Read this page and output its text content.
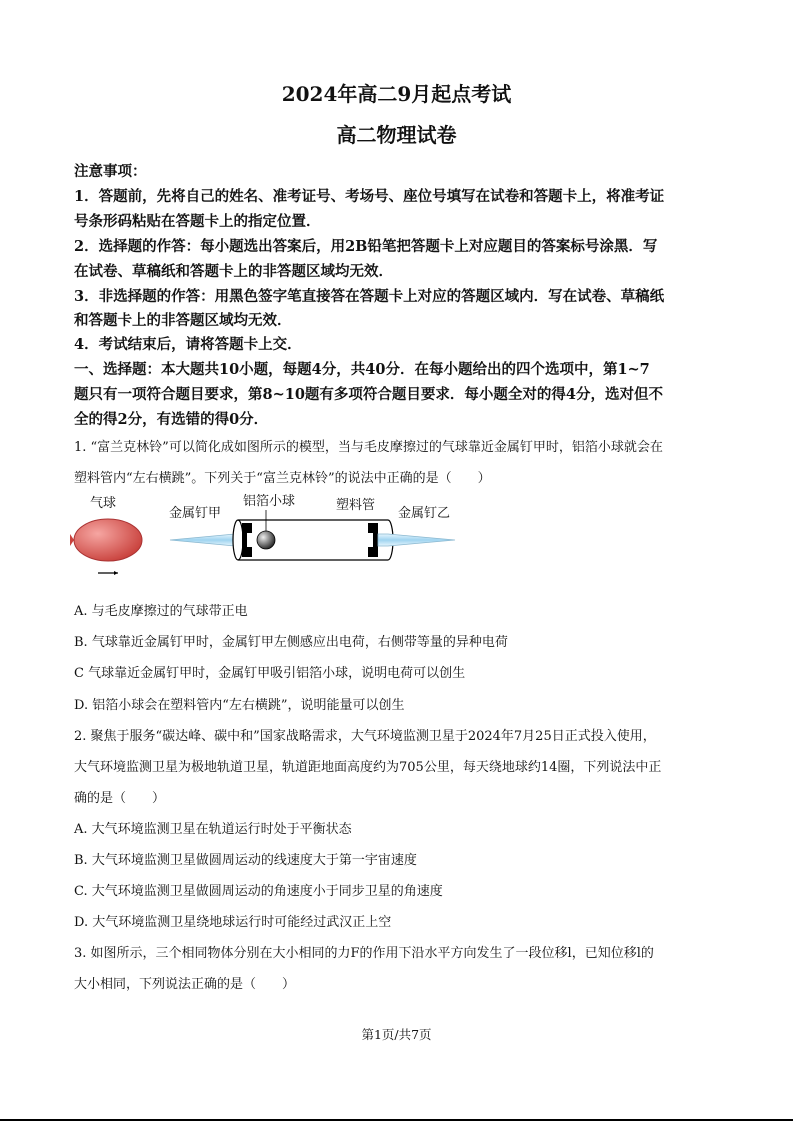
2024年高二9月起点考试
高二物理试卷
注意事项：
1．答题前，先将自己的姓名、准考证号、考场号、座位号填写在试卷和答题卡上，将准考证
号条形码粘贴在答题卡上的指定位置．
2．选择题的作答：每小题选出答案后，用2B铅笔把答题卡上对应题目的答案标号涂黑．写
在试卷、草稿纸和答题卡上的非答题区域均无效．
3．非选择题的作答：用黑色签字笔直接答在答题卡上对应的答题区域内．写在试卷、草稿纸
和答题卡上的非答题区域均无效．
4．考试结束后，请将答题卡上交．
一、选择题：本大题共10小题，每题4分，共40分．在每小题给出的四个选项中，第1~7
题只有一项符合题目要求，第8~10题有多项符合题目要求．每小题全对的得4分，选对但不
全的得2分，有选错的得0分．
1. “富兰克林铃”可以简化成如图所示的模型，当与毛皮摩擦过的气球靠近金属钉甲时，铝箔小球就会在
塑料管内“左右横跳”。下列关于“富兰克林铃”的说法中正确的是（　　）
气球
金属钉甲
铝箔小球	塑料管
金属钉乙
A. 与毛皮摩擦过的气球带正电
B. 气球靠近金属钉甲时，金属钉甲左侧感应出电荷，右侧带等量的异种电荷
C 气球靠近金属钉甲时，金属钉甲吸引铝箔小球，说明电荷可以创生
D. 铝箔小球会在塑料管内“左右横跳”，说明能量可以创生
2. 聚焦于服务“碳达峰、碳中和”国家战略需求，大气环境监测卫星于2024年7月25日正式投入使用，
大气环境监测卫星为极地轨道卫星，轨道距地面高度约为705公里，每天绕地球约14圈，下列说法中正
确的是（　　）
A. 大气环境监测卫星在轨道运行时处于平衡状态
B. 大气环境监测卫星做圆周运动的线速度大于第一宇宙速度
C. 大气环境监测卫星做圆周运动的角速度小于同步卫星的角速度
D. 大气环境监测卫星绕地球运行时可能经过武汉正上空
3. 如图所示，三个相同物体分别在大小相同的力F的作用下沿水平方向发生了一段位移l，已知位移l的
大小相同，下列说法正确的是（　　）
第1页/共7页
